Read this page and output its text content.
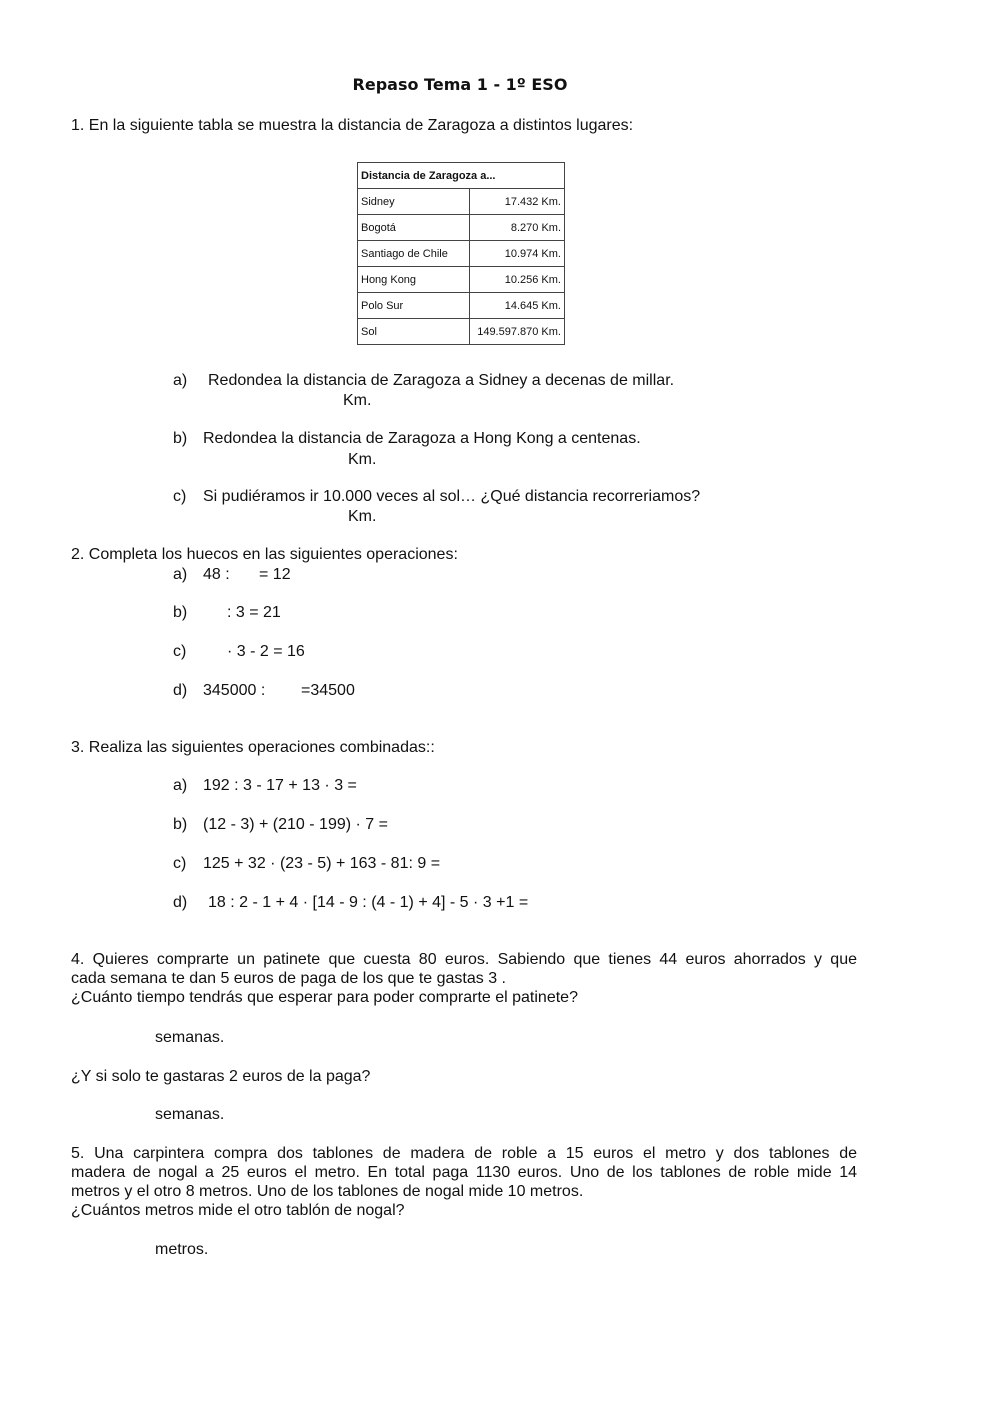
Repaso Tema 1 - 1º ESO
1. En la siguiente tabla se muestra la distancia de Zaragoza a distintos lugares:
Distancia de Zaragoza a...	
Sidney	17.432 Km.
Bogotá	8.270 Km.
Santiago de Chile	10.974 Km.
Hong Kong	10.256 Km.
Polo Sur	14.645 Km.
Sol	149.597.870 Km.
a) Redondea la distancia de Zaragoza a Sidney a decenas de millar.
Km.
b) Redondea la distancia de Zaragoza a Hong Kong a centenas.
Km.
c) Si pudiéramos ir 10.000 veces al sol… ¿Qué distancia recorreriamos?
Km.
2. Completa los huecos en las siguientes operaciones:
a) 48 : = 12
b) : 3 = 21
c)	· 3 - 2 = 16
d) 345000 : =34500
3. Realiza las siguientes operaciones combinadas::
a) 192 : 3 - 17 + 13 · 3 =
b) (12 - 3) + (210 - 199) · 7 =
c) 125 + 32 · (23 - 5) + 163 - 81: 9 =
d) 18 : 2 - 1 + 4 · [14 - 9 : (4 - 1) + 4] - 5 · 3 +1 =
4. Quieres comprarte un patinete que cuesta 80 euros. Sabiendo que tienes 44 euros ahorrados y que
cada semana te dan 5 euros de paga de los que te gastas 3 .
¿Cuánto tiempo tendrás que esperar para poder comprarte el patinete?
semanas.
¿Y si solo te gastaras 2 euros de la paga?
semanas.
5. Una carpintera compra dos tablones de madera de roble a 15 euros el metro y dos tablones de
madera de nogal a 25 euros el metro. En total paga 1130 euros. Uno de los tablones de roble mide 14
metros y el otro 8 metros. Uno de los tablones de nogal mide 10 metros.
¿Cuántos metros mide el otro tablón de nogal?
metros.
